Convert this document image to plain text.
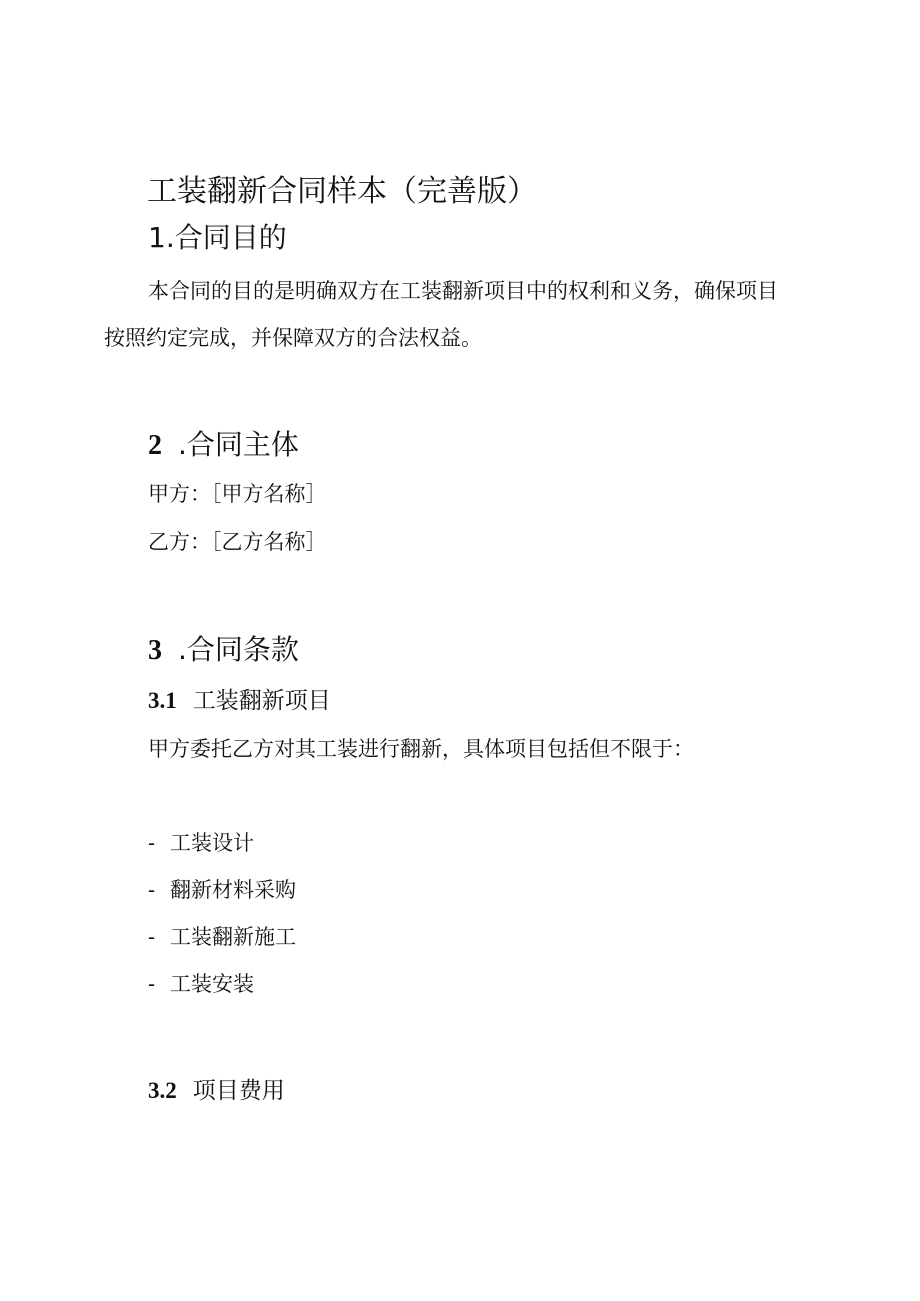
工装翻新合同样本（完善版）
1.合同目的
本合同的目的是明确双方在工装翻新项目中的权利和义务，确保项目
按照约定完成，并保障双方的合法权益。
2 .合同主体
甲方：［甲方名称］
乙方：［乙方名称］
3 .合同条款
3.1 工装翻新项目
甲方委托乙方对其工装进行翻新，具体项目包括但不限于：
- 工装设计
- 翻新材料采购
- 工装翻新施工
- 工装安装
3.2 项目费用
